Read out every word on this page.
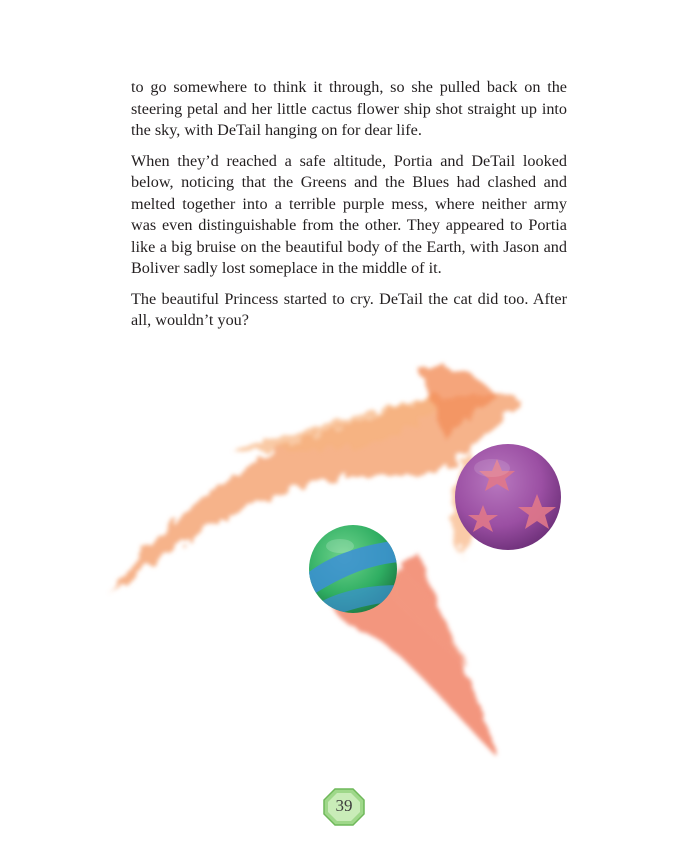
to go somewhere to think it through, so she pulled back on the steering petal and her little cactus flower ship shot straight up into the sky, with DeTail hanging on for dear life.

When they’d reached a safe altitude, Portia and DeTail looked below, noticing that the Greens and the Blues had clashed and melted together into a terrible purple mess, where neither army was even distinguishable from the other. They appeared to Portia like a big bruise on the beautiful body of the Earth, with Jason and Boliver sadly lost someplace in the middle of it.

The beautiful Princess started to cry. DeTail the cat did too. After all, wouldn’t you?

39
